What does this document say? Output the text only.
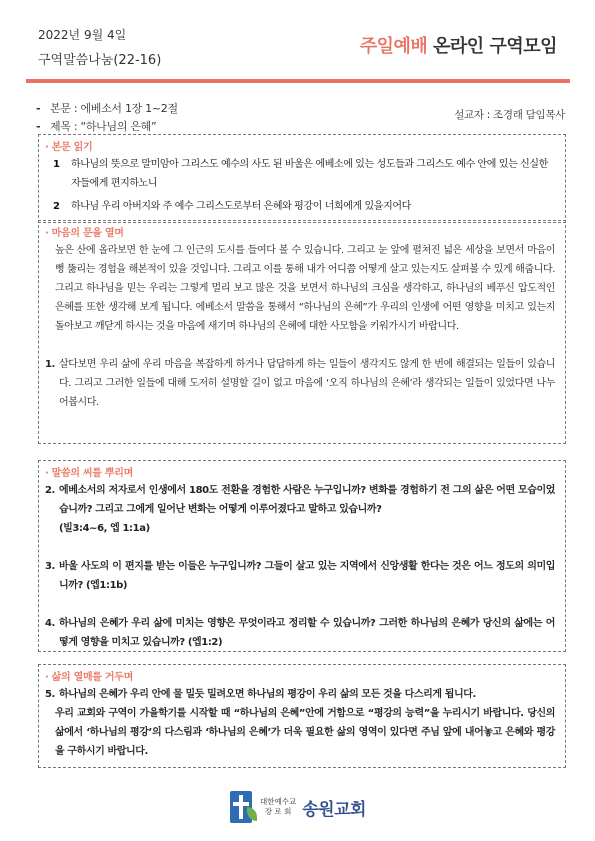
2022년 9월 4일
구역말씀나눔(22-16)
주일예배 온라인 구역모임
- 본문 : 에베소서 1장 1~2절
- 제목 : “하나님의 은혜”
설교자 : 조경래 담임목사
· 본문 읽기
1	하나님의 뜻으로 말미암아 그리스도 예수의 사도 된 바울은 에베소에 있는 성도들과 그리스도 예수 안에 있는 신실한 자들에게 편지하노니
2	하나님 우리 아버지와 주 예수 그리스도로부터 은혜와 평강이 너희에게 있을지어다
· 마음의 문을 열며
높은 산에 올라보면 한 눈에 그 인근의 도시를 들여다 볼 수 있습니다. 그리고 눈 앞에 펼쳐진 넓은 세상을 보면서 마음이 뻥 뚫리는 경험을 해본적이 있을 것입니다. 그리고 이를 통해 내가 어디쯤 어떻게 살고 있는지도 살펴볼 수 있게 해줍니다. 그리고 하나님을 믿는 우리는 그렇게 멀리 보고 많은 것을 보면서 하나님의 크심을 생각하고, 하나님의 베푸신 압도적인 은혜를 또한 생각해 보게 됩니다. 에베소서 말씀을 통해서 “하나님의 은혜”가 우리의 인생에 어떤 영향을 미치고 있는지 돌아보고 깨닫게 하시는 것을 마음에 새기며 하나님의 은혜에 대한 사모함을 키워가시기 바랍니다.
1. 살다보면 우리 삶에 우리 마음을 복잡하게 하거나 답답하게 하는 일들이 생각지도 않게 한 번에 해결되는 일들이 있습니다. 그리고 그러한 일들에 대해 도저히 설명할 길이 없고 마음에 ‘오직 하나님의 은혜’라 생각되는 일들이 있었다면 나누어봅시다.
· 말씀의 씨를 뿌리며
2. 에베소서의 저자로서 인생에서 180도 전환을 경험한 사람은 누구입니까? 변화를 경험하기 전 그의 삶은 어떤 모습이었습니까? 그리고 그에게 일어난 변화는 어떻게 이루어졌다고 말하고 있습니까?
(빌3:4~6, 엡 1:1a)
3. 바울 사도의 이 편지를 받는 이들은 누구입니까? 그들이 살고 있는 지역에서 신앙생활 한다는 것은 어느 정도의 의미입니까? (엡1:1b)
4. 하나님의 은혜가 우리 삶에 미치는 영향은 무엇이라고 정리할 수 있습니까? 그러한 하나님의 은혜가 당신의 삶에는 어떻게 영향을 미치고 있습니까? (엡1:2)
· 삶의 열매를 거두며
5. 하나님의 은혜가 우리 안에 물 밀듯 밀려오면 하나님의 평강이 우리 삶의 모든 것을 다스리게 됩니다.
우리 교회와 구역이 가을학기를 시작할 때 “하나님의 은혜”안에 거함으로 “평강의 능력”을 누리시기 바랍니다. 당신의 삶에서 ‘하나님의 평강’의 다스림과 ‘하나님의 은혜’가 더욱 필요한 삶의 영역이 있다면 주님 앞에 내어놓고 은혜와 평강을 구하시기 바랍니다.
대한예수교
장 로 회 송원교회
